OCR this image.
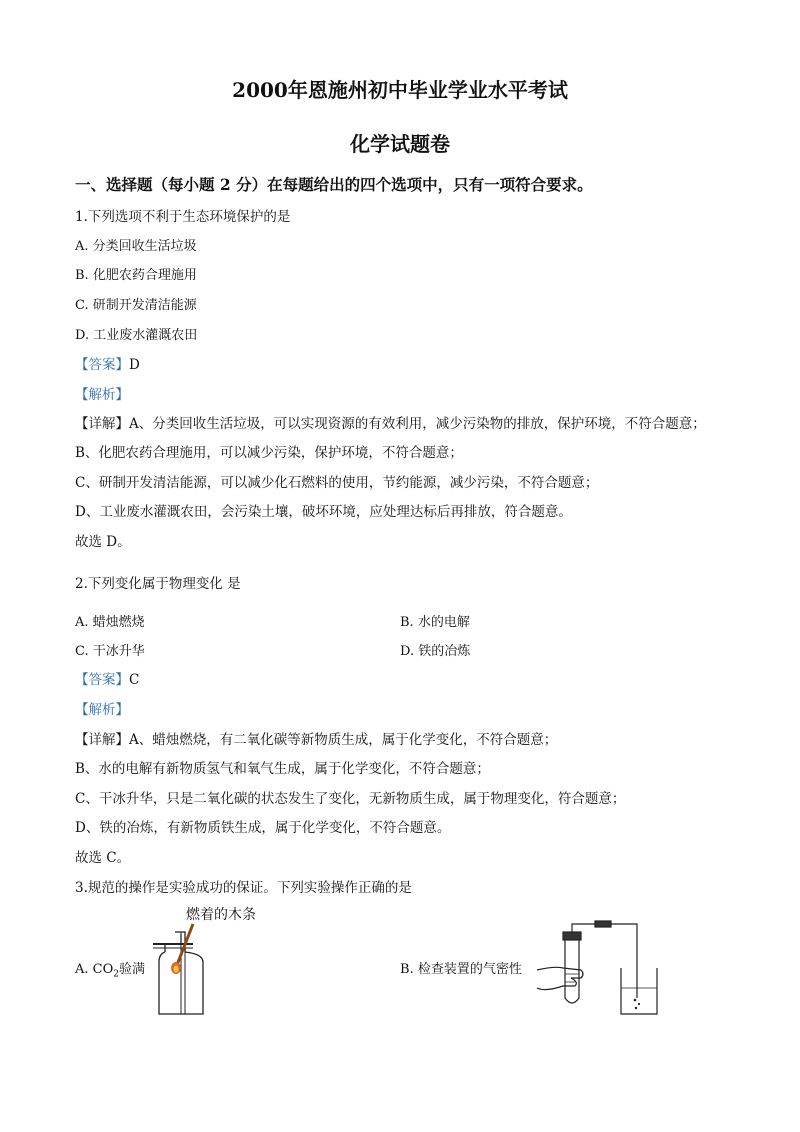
2000年恩施州初中毕业学业水平考试
化学试题卷
一、选择题（每小题 2 分）在每题给出的四个选项中，只有一项符合要求。
1.下列选项不利于生态环境保护的是
A. 分类回收生活垃圾
B. 化肥农药合理施用
C. 研制开发清洁能源
D. 工业废水灌溉农田
【答案】D
【解析】
【详解】A、分类回收生活垃圾，可以实现资源的有效利用，减少污染物的排放，保护环境，不符合题意；
B、化肥农药合理施用，可以减少污染，保护环境，不符合题意；
C、研制开发清洁能源，可以减少化石燃料的使用，节约能源，减少污染，不符合题意；
D、工业废水灌溉农田，会污染土壤，破坏环境，应处理达标后再排放，符合题意。
故选 D。
2.下列变化属于物理变化 是
A. 蜡烛燃烧	B. 水的电解
C. 干冰升华	D. 铁的冶炼
【答案】C
【解析】
【详解】A、蜡烛燃烧，有二氧化碳等新物质生成，属于化学变化，不符合题意；
B、水的电解有新物质氢气和氧气生成，属于化学变化，不符合题意；
C、干冰升华，只是二氧化碳的状态发生了变化，无新物质生成，属于物理变化，符合题意；
D、铁的冶炼，有新物质铁生成，属于化学变化，不符合题意。
故选 C。
3.规范的操作是实验成功的保证。下列实验操作正确的是
燃着的木条
A. $CO_2$验满	B. 检查装置的气密性
